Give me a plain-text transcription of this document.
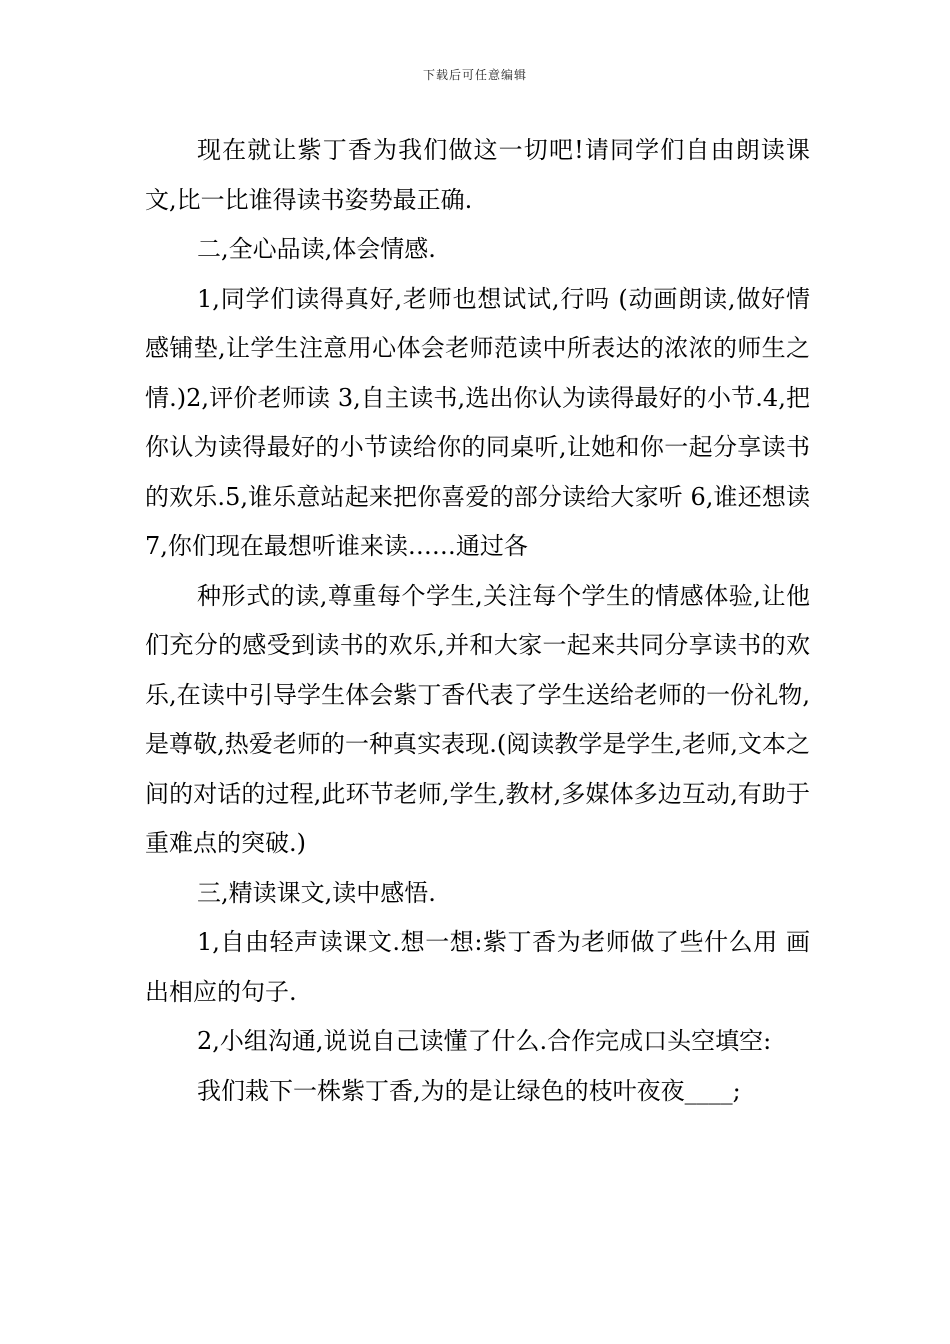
下载后可任意编辑

现在就让紫丁香为我们做这一切吧!请同学们自由朗读课文,比一比谁得读书姿势最正确.

二,全心品读,体会情感.

1,同学们读得真好,老师也想试试,行吗 (动画朗读,做好情感铺垫,让学生注意用心体会老师范读中所表达的浓浓的师生之情.)2,评价老师读 3,自主读书,选出你认为读得最好的小节.4,把你认为读得最好的小节读给你的同桌听,让她和你一起分享读书的欢乐.5,谁乐意站起来把你喜爱的部分读给大家听 6,谁还想读 7,你们现在最想听谁来读……通过各

种形式的读,尊重每个学生,关注每个学生的情感体验,让他们充分的感受到读书的欢乐,并和大家一起来共同分享读书的欢乐,在读中引导学生体会紫丁香代表了学生送给老师的一份礼物,是尊敬,热爱老师的一种真实表现.(阅读教学是学生,老师,文本之间的对话的过程,此环节老师,学生,教材,多媒体多边互动,有助于重难点的突破.)

三,精读课文,读中感悟.

1,自由轻声读课文.想一想:紫丁香为老师做了些什么用 画出相应的句子.

2,小组沟通,说说自己读懂了什么.合作完成口头空填空:

我们栽下一株紫丁香,为的是让绿色的枝叶夜夜____;
